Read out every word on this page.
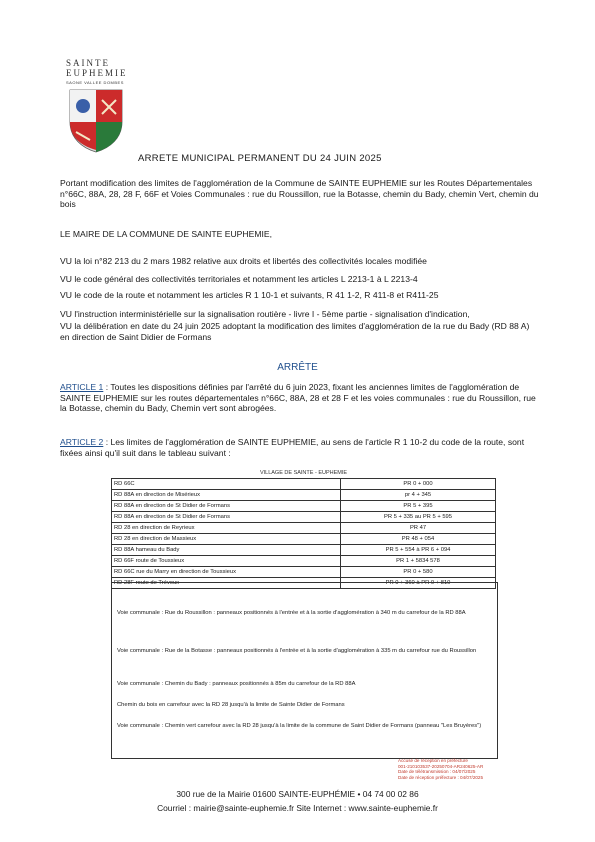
SAINTE
EUPHEMIE
SAONE VALLEE DOMBES
ARRETE MUNICIPAL PERMANENT DU 24 JUIN 2025
Portant modification des limites de l'agglomération de la Commune de SAINTE EUPHEMIE sur les Routes Départementales n°66C, 88A, 28, 28 F, 66F et Voies Communales : rue du Roussillon, rue la Botasse, chemin du Bady, chemin Vert, chemin du bois
LE MAIRE DE LA COMMUNE DE SAINTE EUPHEMIE,
VU la loi n°82 213 du 2 mars 1982 relative aux droits et libertés des collectivités locales modifiée
VU le code général des collectivités territoriales et notamment les articles L 2213-1 à L 2213-4
VU le code de la route et notamment les articles R 1 10-1 et suivants, R 41 1-2, R 411-8 et R411-25
VU l'instruction interministérielle sur la signalisation routière - livre I - 5ème partie - signalisation d'indication,
VU la délibération en date du 24 juin 2025 adoptant la modification des limites d'agglomération de la rue du Bady (RD 88 A) en direction de Saint Didier de Formans
ARRÊTE
ARTICLE 1 : Toutes les dispositions définies par l'arrêté du 6 juin 2023, fixant les anciennes limites de l'agglomération de SAINTE EUPHEMIE sur les routes départementales n°66C, 88A, 28 et 28 F et les voies communales : rue du Roussillon, rue la Botasse, chemin du Bady, Chemin vert sont abrogées.
ARTICLE 2 : Les limites de l'agglomération de SAINTE EUPHEMIE, au sens de l'article R 1 10-2 du code de la route, sont fixées ainsi qu'il suit dans le tableau suivant :
VILLAGE DE SAINTE - EUPHEMIE
RD 66C	PR 0 + 000
RD 88A en direction de Misérieux	pr 4 + 345
RD 88A en direction de St Didier de Formans	PR 5 + 395
RD 88A en direction de St Didier de Formans	PR 5 + 335 au PR 5 + 595
RD 28 en direction de Reyrieux	PR 47
RD 28 en direction de Massieux	PR 48 + 054
RD 88A hameau du Bady	PR 5 + 554 à PR 6 + 094
RD 66F route de Toussieux	PR 1 + 5834 578
RD 66C rue du Marry en direction de Toussieux	PR 0 + 580
RD 28F route de Trévoux	PR 0 + 360 à PR 0 + 810
Voie communale : Rue du Roussillon : panneaux positionnés à l'entrée et à la sortie d'agglomération à 340 m du carrefour de la RD 88A
Voie communale : Rue de la Botasse : panneaux positionnés à l'entrée et à la sortie d'agglomération à 335 m du carrefour rue du Roussillon
Voie communale : Chemin du Bady : panneaux positionnés à 85m du carrefour de la RD 88A
Chemin du bois en carrefour avec la RD 28 jusqu'à la limite de Sainte Didier de Formans
Voie communale : Chemin vert carrefour avec la RD 28 jusqu'à la limite de la commune de Saint Didier de Formans (panneau "Les Bruyères")
Accusé de réception en préfecture
001-210103537-20250704-AR240625-AR
Date de télétransmission : 04/07/2025
Date de réception préfecture : 04/07/2025
300 rue de la Mairie 01600 SAINTE-EUPHÉMIE • 04 74 00 02 86
Courriel : mairie@sainte-euphemie.fr Site Internet : www.sainte-euphemie.fr
